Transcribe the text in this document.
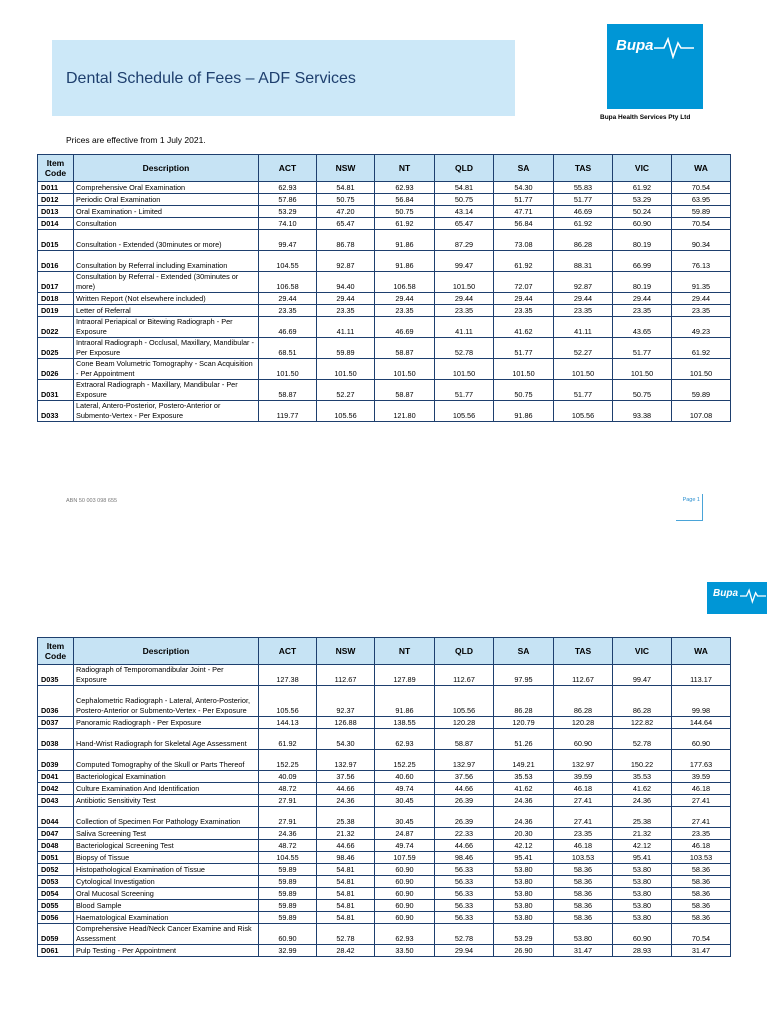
Dental Schedule of Fees – ADF Services
Bupa
Bupa Health Services Pty Ltd
Prices are effective from 1 July 2021.
Item Code	Description	ACT	NSW	NT	QLD	SA	TAS	VIC	WA
D011	Comprehensive Oral Examination	62.93	54.81	62.93	54.81	54.30	55.83	61.92	70.54
D012	Periodic Oral Examination	57.86	50.75	56.84	50.75	51.77	51.77	53.29	63.95
D013	Oral Examination - Limited	53.29	47.20	50.75	43.14	47.71	46.69	50.24	59.89
D014	Consultation	74.10	65.47	61.92	65.47	56.84	61.92	60.90	70.54
D015	Consultation - Extended (30minutes or more)	99.47	86.78	91.86	87.29	73.08	86.28	80.19	90.34
D016	Consultation by Referral including Examination	104.55	92.87	91.86	99.47	61.92	88.31	66.99	76.13
D017	Consultation by Referral - Extended (30minutes or more)	106.58	94.40	106.58	101.50	72.07	92.87	80.19	91.35
D018	Written Report (Not elsewhere included)	29.44	29.44	29.44	29.44	29.44	29.44	29.44	29.44
D019	Letter of Referral	23.35	23.35	23.35	23.35	23.35	23.35	23.35	23.35
D022	Intraoral Periapical or Bitewing Radiograph - Per Exposure	46.69	41.11	46.69	41.11	41.62	41.11	43.65	49.23
D025	Intraoral Radiograph - Occlusal, Maxillary, Mandibular - Per Exposure	68.51	59.89	58.87	52.78	51.77	52.27	51.77	61.92
D026	Cone Beam Volumetric Tomography - Scan Acquisition - Per Appointment	101.50	101.50	101.50	101.50	101.50	101.50	101.50	101.50
D031	Extraoral Radiograph - Maxillary, Mandibular - Per Exposure	58.87	52.27	58.87	51.77	50.75	51.77	50.75	59.89
D033	Lateral, Antero-Posterior, Postero-Anterior or Submento-Vertex - Per Exposure	119.77	105.56	121.80	105.56	91.86	105.56	93.38	107.08
ABN 50 003 098 655	Page 1
Bupa
Item Code	Description	ACT	NSW	NT	QLD	SA	TAS	VIC	WA
D035	Radiograph of Temporomandibular Joint - Per Exposure	127.38	112.67	127.89	112.67	97.95	112.67	99.47	113.17
D036	Cephalometric Radiograph - Lateral, Antero-Posterior, Postero-Anterior or Submento-Vertex - Per Exposure	105.56	92.37	91.86	105.56	86.28	86.28	86.28	99.98
D037	Panoramic Radiograph - Per Exposure	144.13	126.88	138.55	120.28	120.79	120.28	122.82	144.64
D038	Hand-Wrist Radiograph for Skeletal Age Assessment	61.92	54.30	62.93	58.87	51.26	60.90	52.78	60.90
D039	Computed Tomography of the Skull or Parts Thereof	152.25	132.97	152.25	132.97	149.21	132.97	150.22	177.63
D041	Bacteriological Examination	40.09	37.56	40.60	37.56	35.53	39.59	35.53	39.59
D042	Culture Examination And Identification	48.72	44.66	49.74	44.66	41.62	46.18	41.62	46.18
D043	Antibiotic Sensitivity Test	27.91	24.36	30.45	26.39	24.36	27.41	24.36	27.41
D044	Collection of Specimen For Pathology Examination	27.91	25.38	30.45	26.39	24.36	27.41	25.38	27.41
D047	Saliva Screening Test	24.36	21.32	24.87	22.33	20.30	23.35	21.32	23.35
D048	Bacteriological Screening Test	48.72	44.66	49.74	44.66	42.12	46.18	42.12	46.18
D051	Biopsy of Tissue	104.55	98.46	107.59	98.46	95.41	103.53	95.41	103.53
D052	Histopathological Examination of Tissue	59.89	54.81	60.90	56.33	53.80	58.36	53.80	58.36
D053	Cytological Investigation	59.89	54.81	60.90	56.33	53.80	58.36	53.80	58.36
D054	Oral Mucosal Screening	59.89	54.81	60.90	56.33	53.80	58.36	53.80	58.36
D055	Blood Sample	59.89	54.81	60.90	56.33	53.80	58.36	53.80	58.36
D056	Haematological Examination	59.89	54.81	60.90	56.33	53.80	58.36	53.80	58.36
D059	Comprehensive Head/Neck Cancer Examine and Risk Assessment	60.90	52.78	62.93	52.78	53.29	53.80	60.90	70.54
D061	Pulp Testing - Per Appointment	32.99	28.42	33.50	29.94	26.90	31.47	28.93	31.47
